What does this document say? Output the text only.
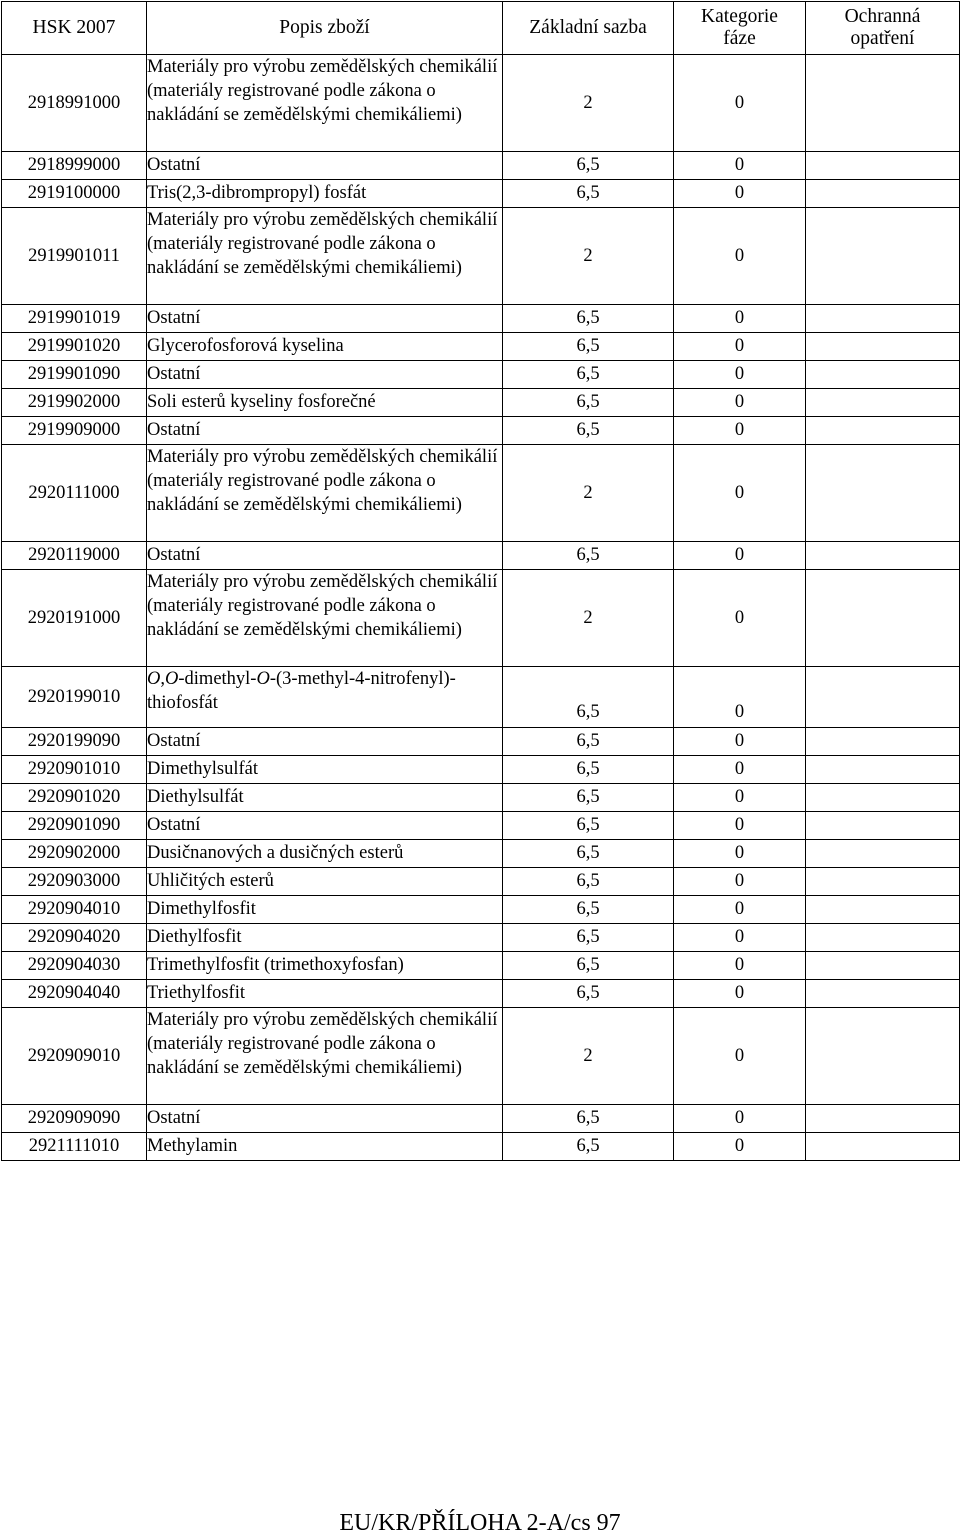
HSK 2007	Popis zboží	Základní sazba	Kategorie fáze	Ochranná opatření
2918991000	Materiály pro výrobu zemědělských chemikálií (materiály registrované podle zákona o nakládání se zemědělskými chemikáliemi)	2	0	
2918999000	Ostatní	6,5	0	
2919100000	Tris(2,3-dibrompropyl) fosfát	6,5	0	
2919901011	Materiály pro výrobu zemědělských chemikálií (materiály registrované podle zákona o nakládání se zemědělskými chemikáliemi)	2	0	
2919901019	Ostatní	6,5	0	
2919901020	Glycerofosforová kyselina	6,5	0	
2919901090	Ostatní	6,5	0	
2919902000	Soli esterů kyseliny fosforečné	6,5	0	
2919909000	Ostatní	6,5	0	
2920111000	Materiály pro výrobu zemědělských chemikálií (materiály registrované podle zákona o nakládání se zemědělskými chemikáliemi)	2	0	
2920119000	Ostatní	6,5	0	
2920191000	Materiály pro výrobu zemědělských chemikálií (materiály registrované podle zákona o nakládání se zemědělskými chemikáliemi)	2	0	
2920199010	O,O-dimethyl-O-(3-methyl-4-nitrofenyl)-thiofosfát	6,5	0	
2920199090	Ostatní	6,5	0	
2920901010	Dimethylsulfát	6,5	0	
2920901020	Diethylsulfát	6,5	0	
2920901090	Ostatní	6,5	0	
2920902000	Dusičnanových a dusičných esterů	6,5	0	
2920903000	Uhličitých esterů	6,5	0	
2920904010	Dimethylfosfit	6,5	0	
2920904020	Diethylfosfit	6,5	0	
2920904030	Trimethylfosfit (trimethoxyfosfan)	6,5	0	
2920904040	Triethylfosfit	6,5	0	
2920909010	Materiály pro výrobu zemědělských chemikálií (materiály registrované podle zákona o nakládání se zemědělskými chemikáliemi)	2	0	
2920909090	Ostatní	6,5	0	
2921111010	Methylamin	6,5	0	
EU/KR/PŘÍLOHA 2-A/cs 97
